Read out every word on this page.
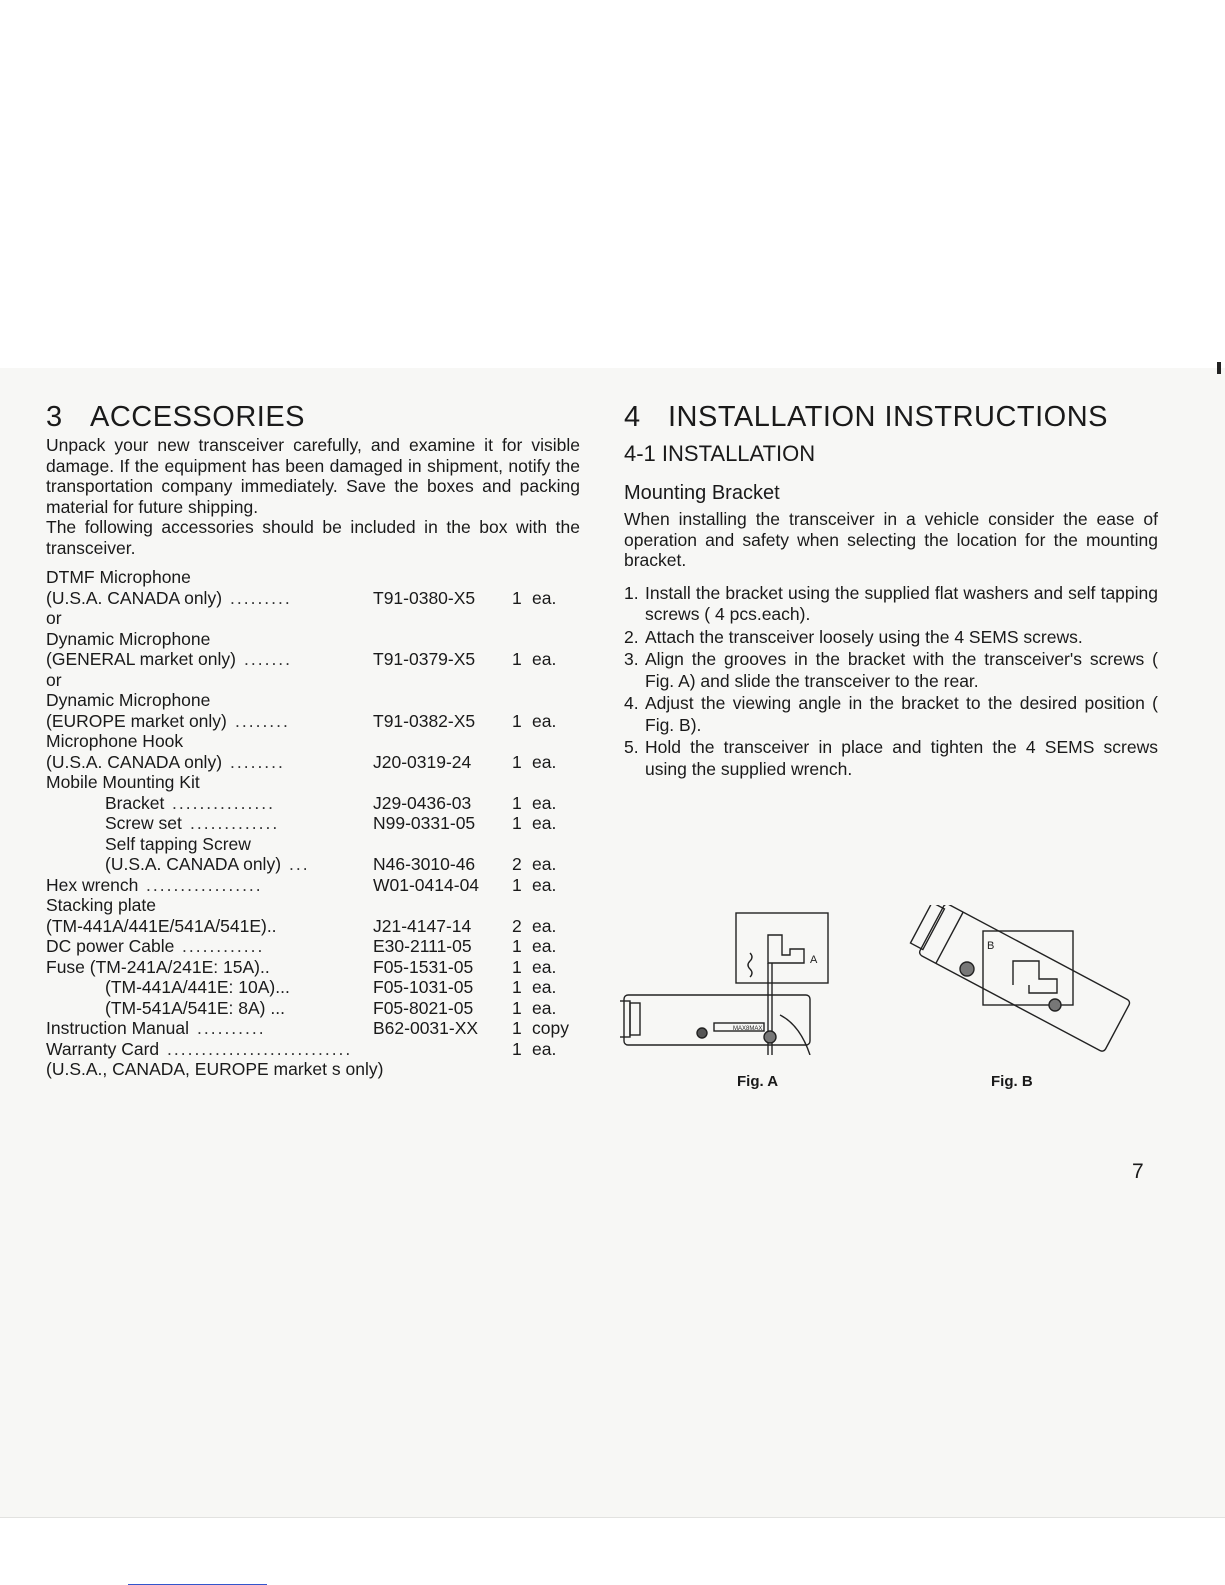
3 ACCESSORIES

Unpack your new transceiver carefully, and examine it for visible damage. If the equipment has been damaged in shipment, notify the transportation company immediately. Save the boxes and packing material for future shipping.

The following accessories should be included in the box with the transceiver.

DTMF Microphone
(U.S.A. CANADA only) .........	T91-0380-X5 1 ea.
or
Dynamic Microphone
(GENERAL market only) .......	T91-0379-X5 1 ea.
or
Dynamic Microphone
(EUROPE market only) ........	T91-0382-X5 1 ea.
Microphone Hook
(U.S.A. CANADA only) ........	J20-0319-24 1 ea.
Mobile Mounting Kit
Bracket ...............	J29-0436-03 1 ea.
Screw set .............	N99-0331-05 1 ea.
Self tapping Screw
(U.S.A. CANADA only) ...	N46-3010-46 2 ea.
Hex wrench .................	W01-0414-04 1 ea.
Stacking plate
(TM-441A/441E/541A/541E)..	J21-4147-14 2 ea.
DC power Cable ............	E30-2111-05 1 ea.
Fuse (TM-241A/241E: 15A)..	F05-1531-05 1 ea.
(TM-441A/441E: 10A)...	F05-1031-05 1 ea.
(TM-541A/541E: 8A) ...	F05-8021-05 1 ea.
Instruction Manual ..........	B62-0031-XX 1 copy
Warranty Card ...........................	1 ea.
(U.S.A., CANADA, EUROPE market s only)
4 INSTALLATION INSTRUCTIONS
4-1 INSTALLATION
Mounting Bracket

When installing the transceiver in a vehicle consider the ease of operation and safety when selecting the location for the mounting bracket.

1. Install the bracket using the supplied flat washers and self tapping screws ( 4 pcs.each).
2. Attach the transceiver loosely using the 4 SEMS screws.
3. Align the grooves in the bracket with the transceiver's screws ( Fig. A) and slide the transceiver to the rear.
4. Adjust the viewing angle in the bracket to the desired position ( Fig. B).
5. Hold the transceiver in place and tighten the 4 SEMS screws using the supplied wrench.
MAX8MAX
A
Fig. A
B
Fig. B
7
